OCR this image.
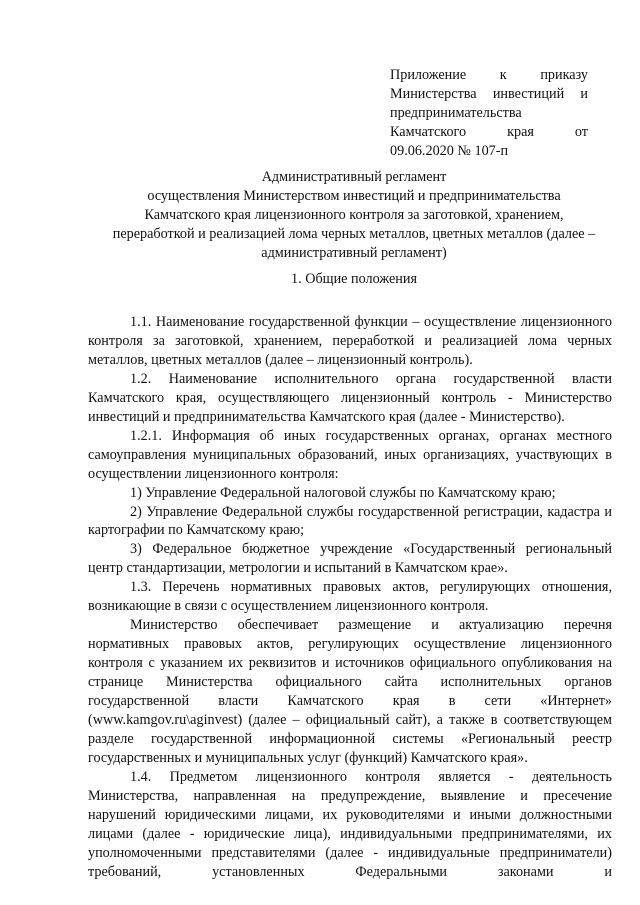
Приложение к приказу
Министерства инвестиций и
предпринимательства
Камчатского края от
09.06.2020 № 107-п
Административный регламент
осуществления Министерством инвестиций и предпринимательства
Камчатского края лицензионного контроля за заготовкой, хранением,
переработкой и реализацией лома черных металлов, цветных металлов (далее –
административный регламент)
1. Общие положения

1.1. Наименование государственной функции – осуществление лицензионного контроля за заготовкой, хранением, переработкой и реализацией лома черных металлов, цветных металлов (далее – лицензионный контроль).

1.2. Наименование исполнительного органа государственной власти Камчатского края, осуществляющего лицензионный контроль - Министерство инвестиций и предпринимательства Камчатского края (далее - Министерство).

1.2.1. Информация об иных государственных органах, органах местного самоуправления муниципальных образований, иных организациях, участвующих в осуществлении лицензионного контроля:

1) Управление Федеральной налоговой службы по Камчатскому краю;

2) Управление Федеральной службы государственной регистрации, кадастра и картографии по Камчатскому краю;

3) Федеральное бюджетное учреждение «Государственный региональный центр стандартизации, метрологии и испытаний в Камчатском крае».

1.3. Перечень нормативных правовых актов, регулирующих отношения, возникающие в связи с осуществлением лицензионного контроля.

Министерство обеспечивает размещение и актуализацию перечня нормативных правовых актов, регулирующих осуществление лицензионного контроля с указанием их реквизитов и источников официального опубликования на странице Министерства официального сайта исполнительных органов государственной власти Камчатского края в сети «Интернет» (www.kamgov.ru\aginvest) (далее – официальный сайт), а также в соответствующем разделе государственной информационной системы «Региональный реестр государственных и муниципальных услуг (функций) Камчатского края».

1.4. Предметом лицензионного контроля является - деятельность Министерства, направленная на предупреждение, выявление и пресечение нарушений юридическими лицами, их руководителями и иными должностными лицами (далее - юридические лица), индивидуальными предпринимателями, их уполномоченными представителями (далее - индивидуальные предприниматели) требований, установленных Федеральными законами и
